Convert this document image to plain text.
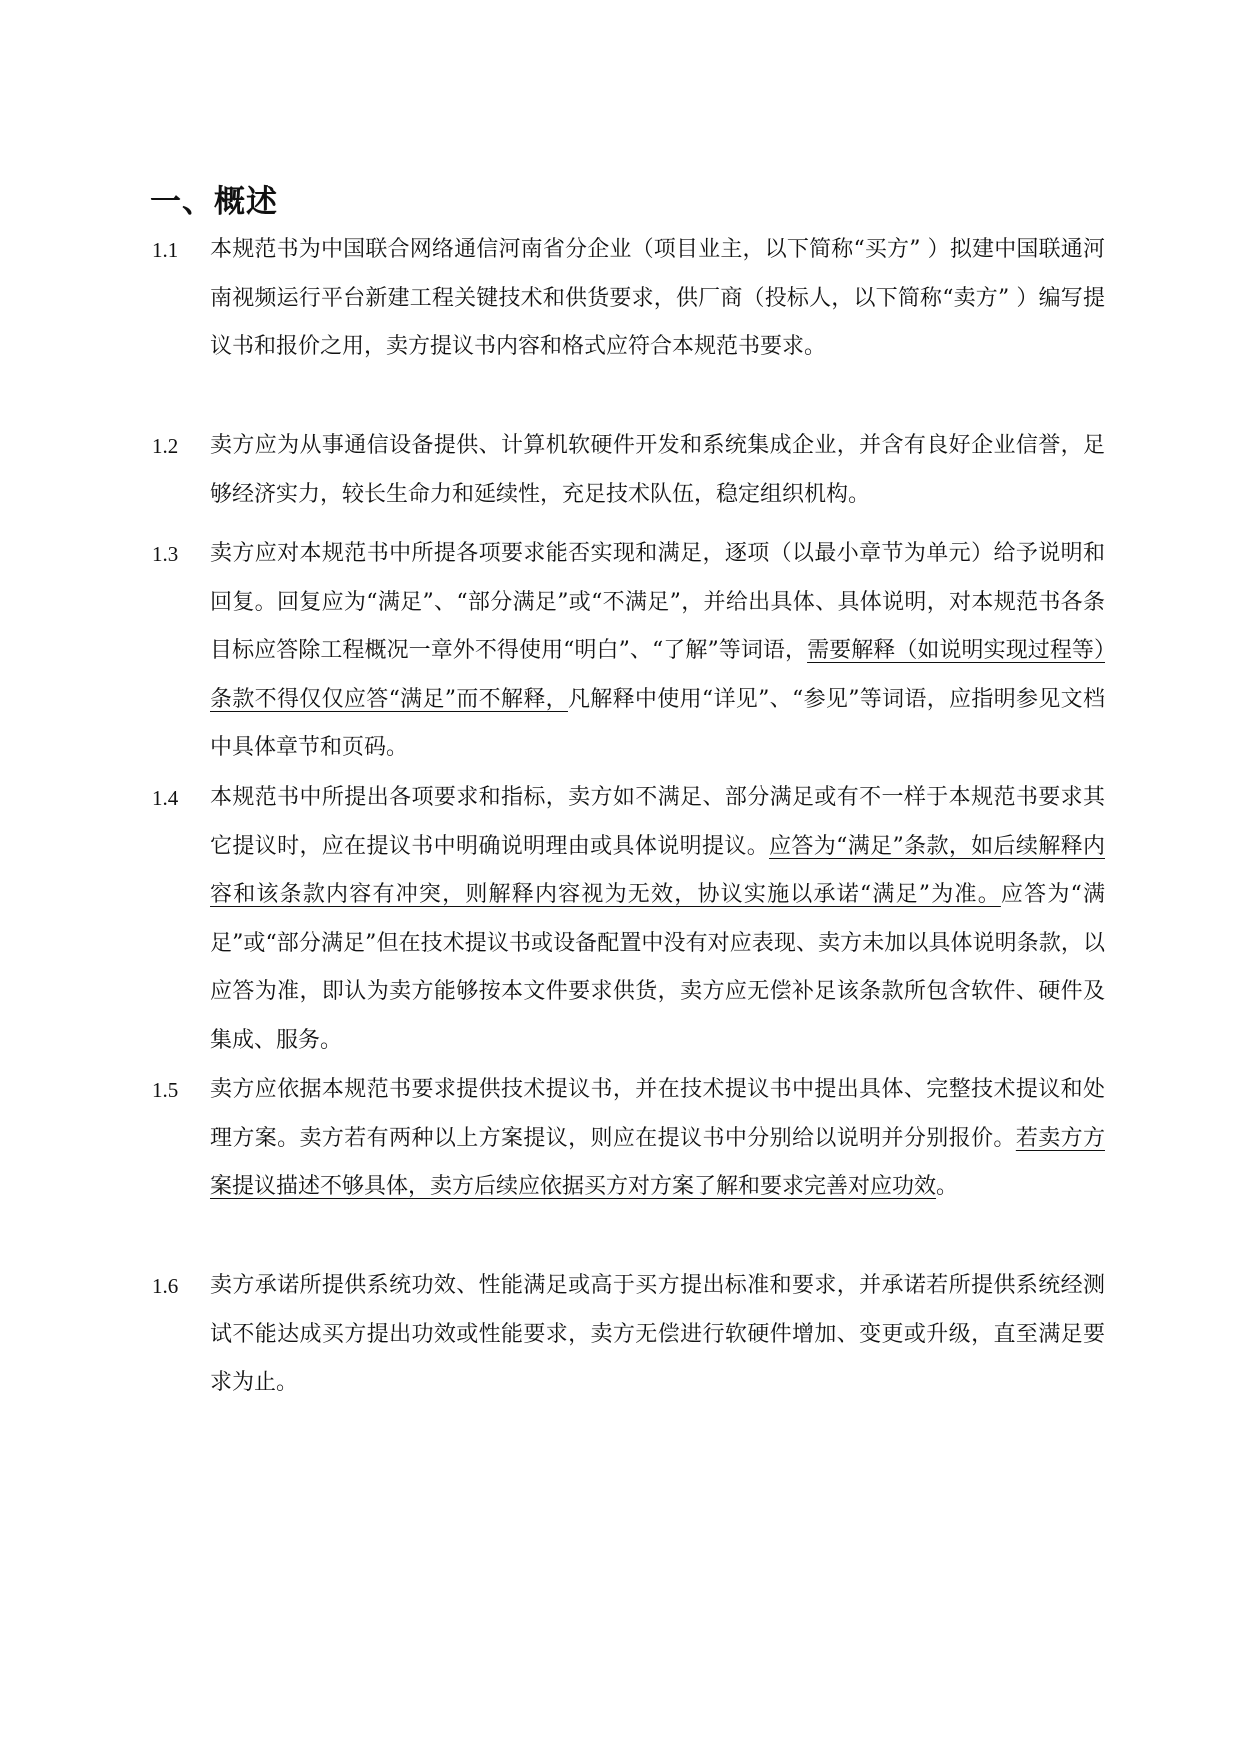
一、概述
1.1 本规范书为中国联合网络通信河南省分企业（项目业主，以下简称“买方” ）拟建中国联通河南视频运行平台新建工程关键技术和供货要求，供厂商（投标人，以下简称“卖方” ）编写提议书和报价之用，卖方提议书内容和格式应符合本规范书要求。

1.2 卖方应为从事通信设备提供、计算机软硬件开发和系统集成企业，并含有良好企业信誉，足够经济实力，较长生命力和延续性，充足技术队伍，稳定组织机构。

1.3 卖方应对本规范书中所提各项要求能否实现和满足，逐项（以最小章节为单元）给予说明和回复。回复应为“满足”、“部分满足”或“不满足”，并给出具体、具体说明，对本规范书各条目标应答除工程概况一章外不得使用“明白”、“了解”等词语，需要解释（如说明实现过程等）条款不得仅仅应答“满足”而不解释，凡解释中使用“详见”、“参见”等词语，应指明参见文档中具体章节和页码。

1.4 本规范书中所提出各项要求和指标，卖方如不满足、部分满足或有不一样于本规范书要求其它提议时，应在提议书中明确说明理由或具体说明提议。应答为“满足”条款，如后续解释内容和该条款内容有冲突，则解释内容视为无效，协议实施以承诺“满足”为准。应答为“满足”或“部分满足”但在技术提议书或设备配置中没有对应表现、卖方未加以具体说明条款，以应答为准，即认为卖方能够按本文件要求供货，卖方应无偿补足该条款所包含软件、硬件及集成、服务。

1.5 卖方应依据本规范书要求提供技术提议书，并在技术提议书中提出具体、完整技术提议和处理方案。卖方若有两种以上方案提议，则应在提议书中分别给以说明并分别报价。若卖方方案提议描述不够具体，卖方后续应依据买方对方案了解和要求完善对应功效。

1.6 卖方承诺所提供系统功效、性能满足或高于买方提出标准和要求，并承诺若所提供系统经测试不能达成买方提出功效或性能要求，卖方无偿进行软硬件增加、变更或升级，直至满足要求为止。
